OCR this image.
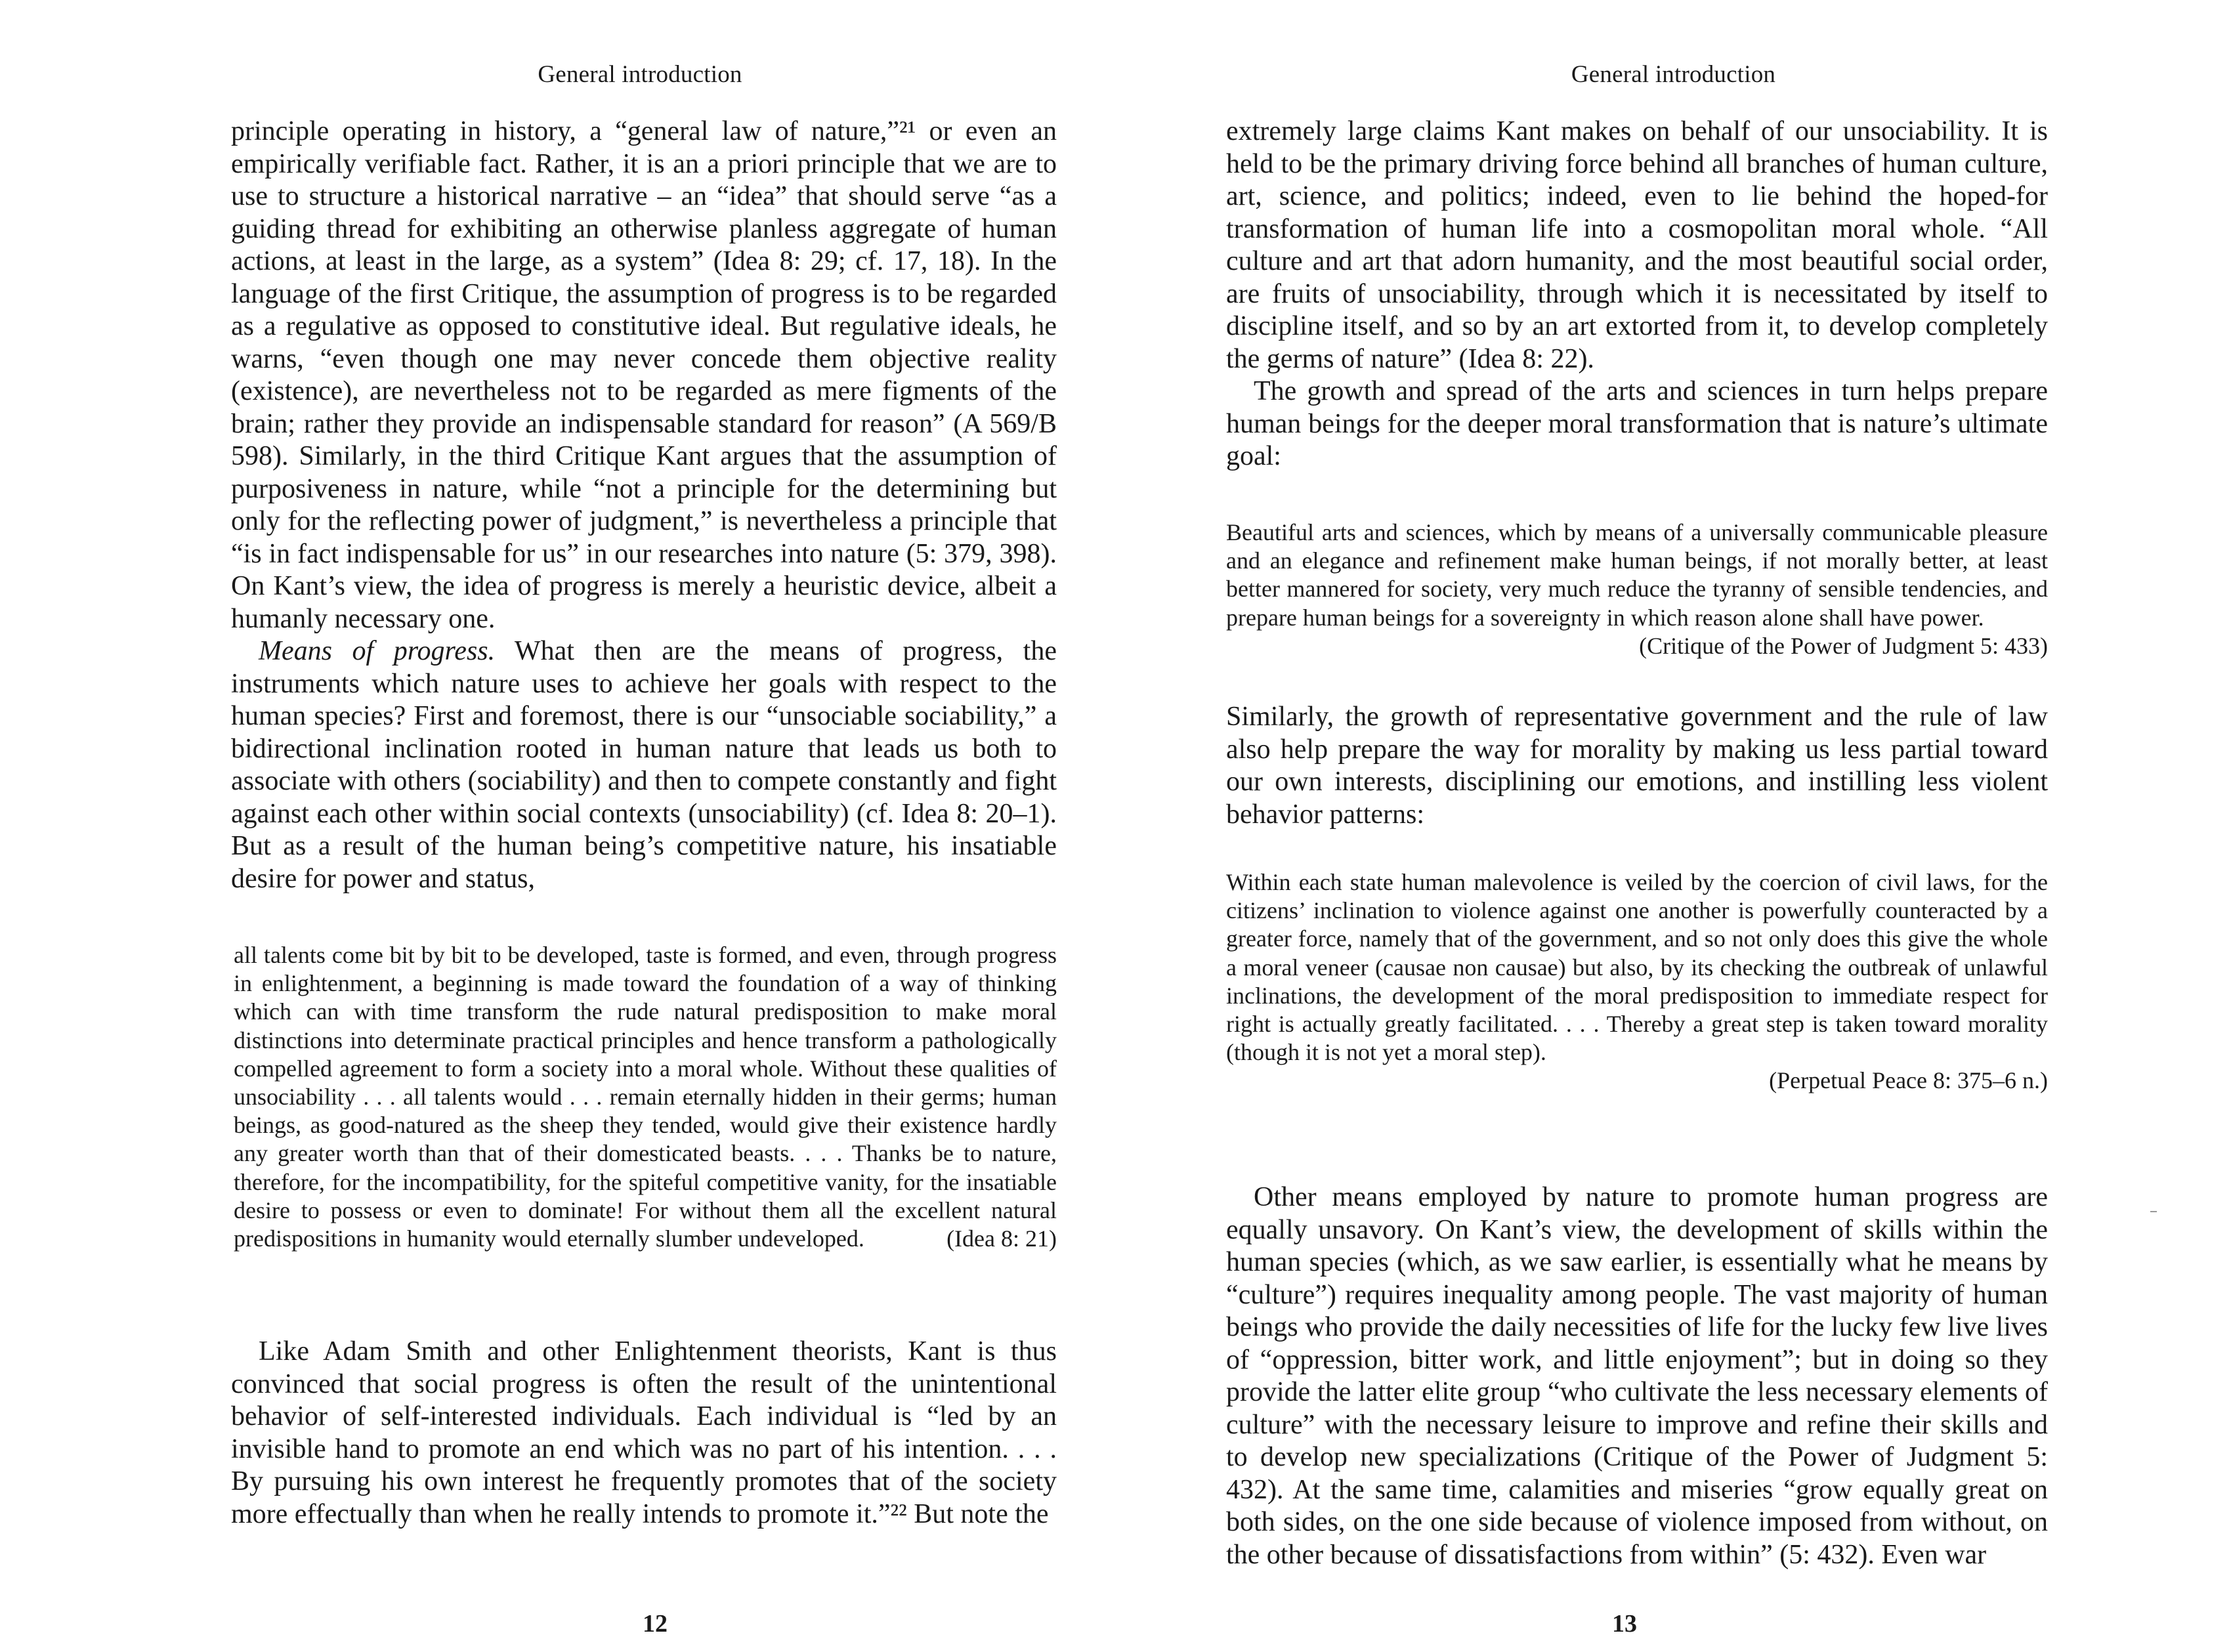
General introduction

principle operating in history, a “general law of nature,”²¹ or even an empirically verifiable fact. Rather, it is an a priori principle that we are to use to structure a historical narrative – an “idea” that should serve “as a guiding thread for exhibiting an otherwise planless aggregate of human actions, at least in the large, as a system” (Idea 8: 29; cf. 17, 18). In the language of the first Critique, the assumption of progress is to be regarded as a regulative as opposed to constitutive ideal. But regulative ideals, he warns, “even though one may never concede them objective reality (existence), are nevertheless not to be regarded as mere figments of the brain; rather they provide an indispensable standard for reason” (A 569/B 598). Similarly, in the third Critique Kant argues that the assumption of purposiveness in nature, while “not a principle for the determining but only for the reflecting power of judgment,” is nevertheless a principle that “is in fact indispensable for us” in our researches into nature (5: 379, 398). On Kant’s view, the idea of progress is merely a heuristic device, albeit a humanly necessary one.

Means of progress. What then are the means of progress, the instruments which nature uses to achieve her goals with respect to the human species? First and foremost, there is our “unsociable sociability,” a bidirectional inclination rooted in human nature that leads us both to associate with others (sociability) and then to compete constantly and fight against each other within social contexts (unsociability) (cf. Idea 8: 20–1). But as a result of the human being’s competitive nature, his insatiable desire for power and status,

all talents come bit by bit to be developed, taste is formed, and even, through progress in enlightenment, a beginning is made toward the foundation of a way of thinking which can with time transform the rude natural predisposition to make moral distinctions into determinate practical principles and hence transform a pathologically compelled agreement to form a society into a moral whole. Without these qualities of unsociability . . . all talents would . . . remain eternally hidden in their germs; human beings, as good-natured as the sheep they tended, would give their existence hardly any greater worth than that of their domesticated beasts. . . . Thanks be to nature, therefore, for the incompatibility, for the spiteful competitive vanity, for the insatiable desire to possess or even to dominate! For without them all the excellent natural predispositions in humanity would eternally slumber undeveloped.	(Idea 8: 21)

Like Adam Smith and other Enlightenment theorists, Kant is thus convinced that social progress is often the result of the unintentional behavior of self-interested individuals. Each individual is “led by an invisible hand to promote an end which was no part of his intention. . . . By pursuing his own interest he frequently promotes that of the society more effectually than when he really intends to promote it.”²² But note the

12
General introduction

extremely large claims Kant makes on behalf of our unsociability. It is held to be the primary driving force behind all branches of human culture, art, science, and politics; indeed, even to lie behind the hoped-for transformation of human life into a cosmopolitan moral whole. “All culture and art that adorn humanity, and the most beautiful social order, are fruits of unsociability, through which it is necessitated by itself to discipline itself, and so by an art extorted from it, to develop completely the germs of nature” (Idea 8: 22).

The growth and spread of the arts and sciences in turn helps prepare human beings for the deeper moral transformation that is nature’s ultimate goal:

Beautiful arts and sciences, which by means of a universally communicable pleasure and an elegance and refinement make human beings, if not morally better, at least better mannered for society, very much reduce the tyranny of sensible tendencies, and prepare human beings for a sovereignty in which reason alone shall have power.
(Critique of the Power of Judgment 5: 433)

Similarly, the growth of representative government and the rule of law also help prepare the way for morality by making us less partial toward our own interests, disciplining our emotions, and instilling less violent behavior patterns:

Within each state human malevolence is veiled by the coercion of civil laws, for the citizens’ inclination to violence against one another is powerfully counteracted by a greater force, namely that of the government, and so not only does this give the whole a moral veneer (causae non causae) but also, by its checking the outbreak of unlawful inclinations, the development of the moral predisposition to immediate respect for right is actually greatly facilitated. . . . Thereby a great step is taken toward morality (though it is not yet a moral step).

(Perpetual Peace 8: 375–6 n.)

Other means employed by nature to promote human progress are equally unsavory. On Kant’s view, the development of skills within the human species (which, as we saw earlier, is essentially what he means by “culture”) requires inequality among people. The vast majority of human beings who provide the daily necessities of life for the lucky few live lives of “oppression, bitter work, and little enjoyment”; but in doing so they provide the latter elite group “who cultivate the less necessary elements of culture” with the necessary leisure to improve and refine their skills and to develop new specializations (Critique of the Power of Judgment 5: 432). At the same time, calamities and miseries “grow equally great on both sides, on the one side because of violence imposed from without, on the other because of dissatisfactions from within” (5: 432). Even war

13
